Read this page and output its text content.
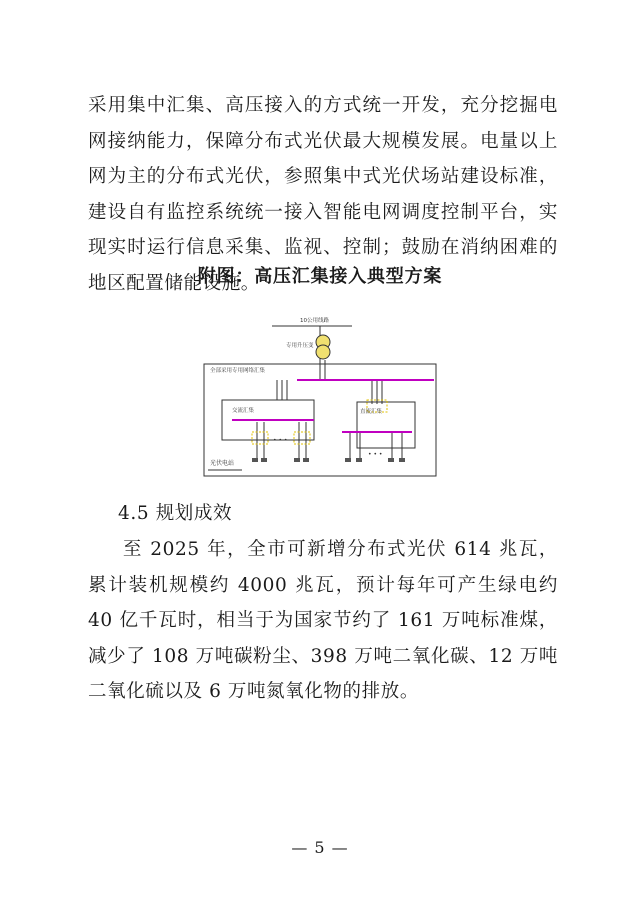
采用集中汇集、高压接入的方式统一开发，充分挖掘电网接纳能力，保障分布式光伏最大规模发展。电量以上网为主的分布式光伏，参照集中式光伏场站建设标准，建设自有监控系统统一接入智能电网调度控制平台，实现实时运行信息采集、监视、控制；鼓励在消纳困难的地区配置储能设施。

附图：高压汇集接入典型方案

10公用线路
专用升压变
全部采用专用网络汇集
交流汇集	直流汇集
光伏电站
• • •
• • •

4.5 规划成效

至 2025 年，全市可新增分布式光伏 614 兆瓦，累计装机规模约 4000 兆瓦，预计每年可产生绿电约 40 亿千瓦时，相当于为国家节约了 161 万吨标准煤，减少了 108 万吨碳粉尘、398 万吨二氧化碳、12 万吨二氧化硫以及 6 万吨氮氧化物的排放。

— 5 —
